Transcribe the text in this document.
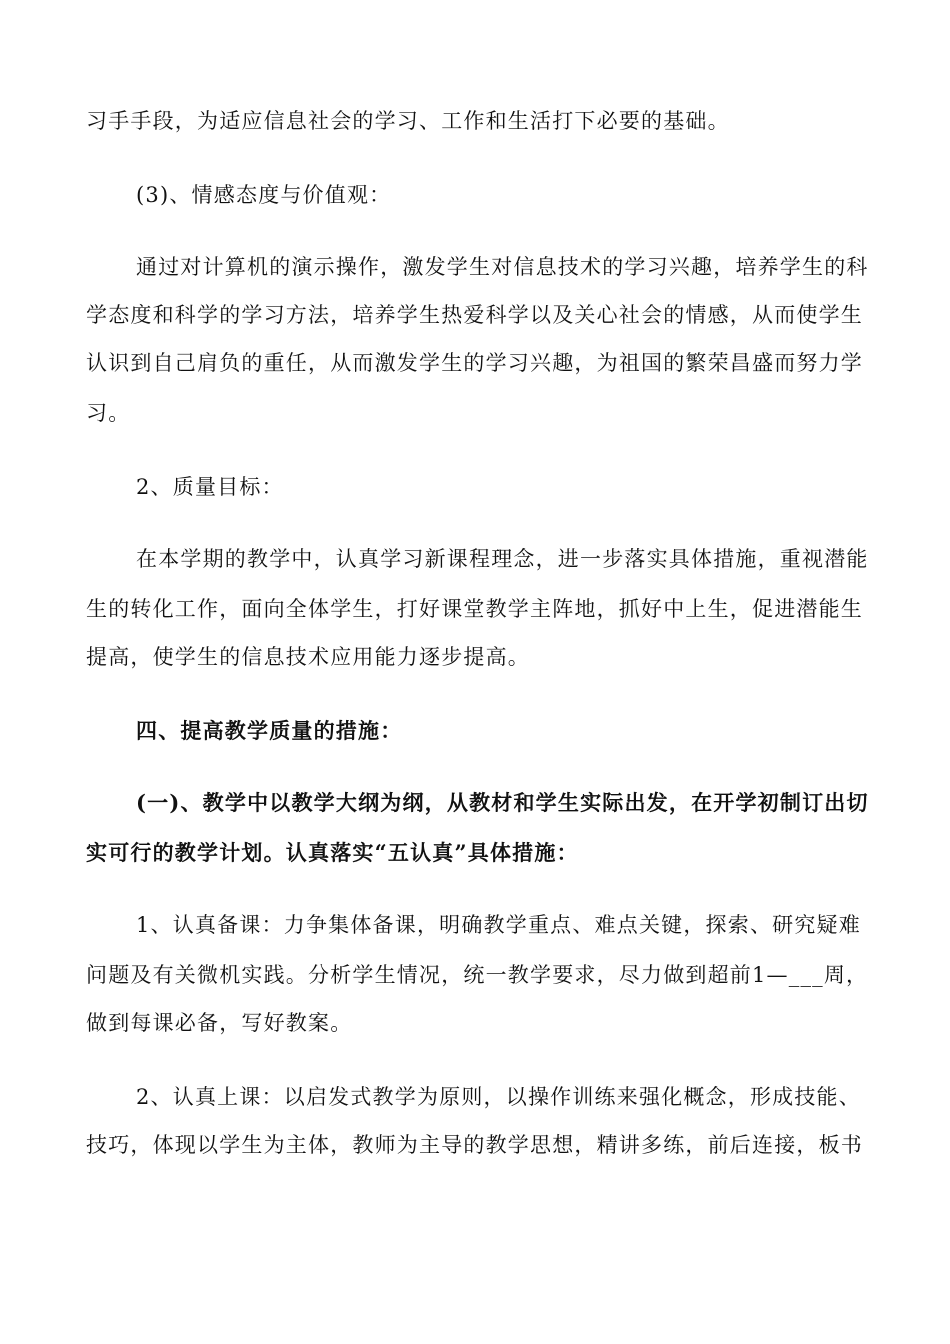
习手手段，为适应信息社会的学习、工作和生活打下必要的基础。
(3)、情感态度与价值观：
通过对计算机的演示操作，激发学生对信息技术的学习兴趣，培养学生的科
学态度和科学的学习方法，培养学生热爱科学以及关心社会的情感，从而使学生
认识到自己肩负的重任，从而激发学生的学习兴趣，为祖国的繁荣昌盛而努力学
习。
2、质量目标：
在本学期的教学中，认真学习新课程理念，进一步落实具体措施，重视潜能
生的转化工作，面向全体学生，打好课堂教学主阵地，抓好中上生，促进潜能生
提高，使学生的信息技术应用能力逐步提高。
四、提高教学质量的措施：
(一)、教学中以教学大纲为纲，从教材和学生实际出发，在开学初制订出切
实可行的教学计划。认真落实“五认真”具体措施：
1、认真备课：力争集体备课，明确教学重点、难点关键，探索、研究疑难
问题及有关微机实践。分析学生情况，统一教学要求，尽力做到超前1—___周，
做到每课必备，写好教案。
2、认真上课：以启发式教学为原则，以操作训练来强化概念，形成技能、
技巧，体现以学生为主体，教师为主导的教学思想，精讲多练，前后连接，板书
